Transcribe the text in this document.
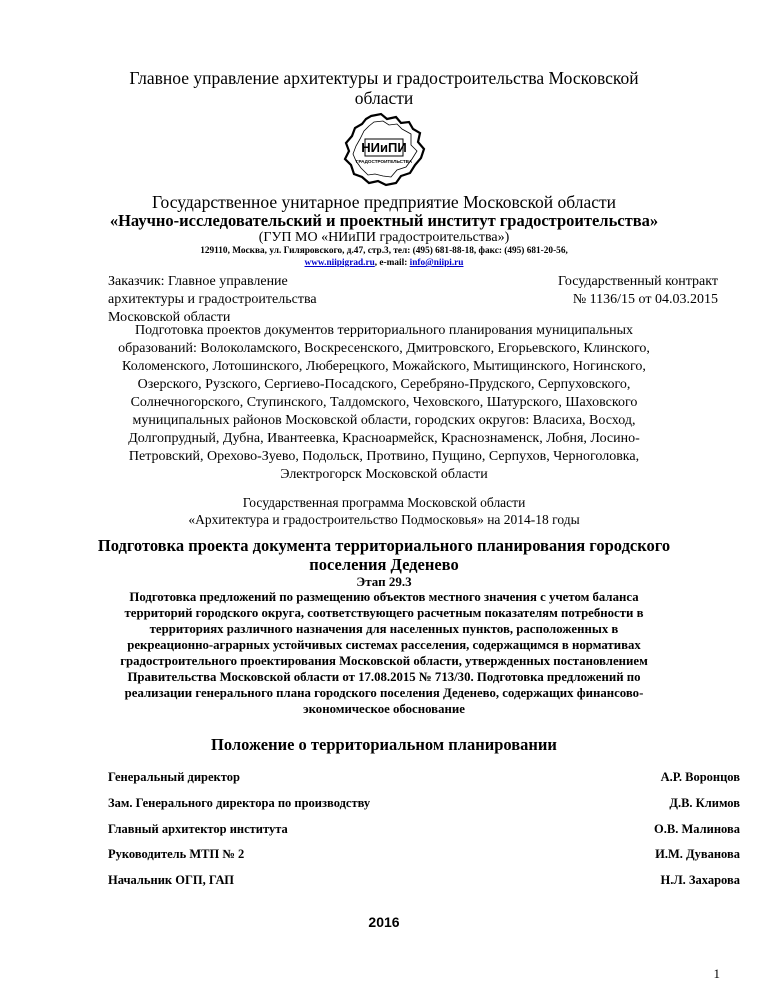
Главное управление архитектуры и градостроительства Московской области
НИиПИ
ГРАДОСТРОИТЕЛЬСТВА
Государственное унитарное предприятие Московской области
«Научно-исследовательский и проектный институт градостроительства»
(ГУП МО «НИиПИ градостроительства»)
129110, Москва, ул. Гиляровского, д.47, стр.3, тел: (495) 681-88-18, факс: (495) 681-20-56,
www.niipigrad.ru, e-mail: info@niipi.ru
Заказчик: Главное управление
архитектуры и градостроительства
Московской области
Государственный контракт
№ 1136/15 от 04.03.2015
Подготовка проектов документов территориального планирования муниципальных образований: Волоколамского, Воскресенского, Дмитровского, Егорьевского, Клинского, Коломенского, Лотошинского, Люберецкого, Можайского, Мытищинского, Ногинского, Озерского, Рузского, Сергиево-Посадского, Серебряно-Прудского, Серпуховского, Солнечногорского, Ступинского, Талдомского, Чеховского, Шатурского, Шаховского муниципальных районов Московской области, городских округов: Власиха, Восход, Долгопрудный, Дубна, Ивантеевка, Красноармейск, Краснознаменск, Лобня, Лосино-Петровский, Орехово-Зуево, Подольск, Протвино, Пущино, Серпухов, Черноголовка, Электрогорск Московской области
Государственная программа Московской области
«Архитектура и градостроительство Подмосковья» на 2014-18 годы
Подготовка проекта документа территориального планирования городского поселения Деденево
Этап 29.3
Подготовка предложений по размещению объектов местного значения с учетом баланса территорий городского округа, соответствующего расчетным показателям потребности в территориях различного назначения для населенных пунктов, расположенных в рекреационно-аграрных устойчивых системах расселения, содержащимся в нормативах градостроительного проектирования Московской области, утвержденных постановлением Правительства Московской области от 17.08.2015 № 713/30. Подготовка предложений по реализации генерального плана городского поселения Деденево, содержащих финансово-экономическое обоснование
Положение о территориальном планировании
Генеральный директор	А.Р. Воронцов
Зам. Генерального директора по производству	Д.В. Климов
Главный архитектор института	О.В. Малинова
Руководитель МТП № 2	И.М. Дуванова
Начальник ОГП, ГАП	Н.Л. Захарова
2016
1
